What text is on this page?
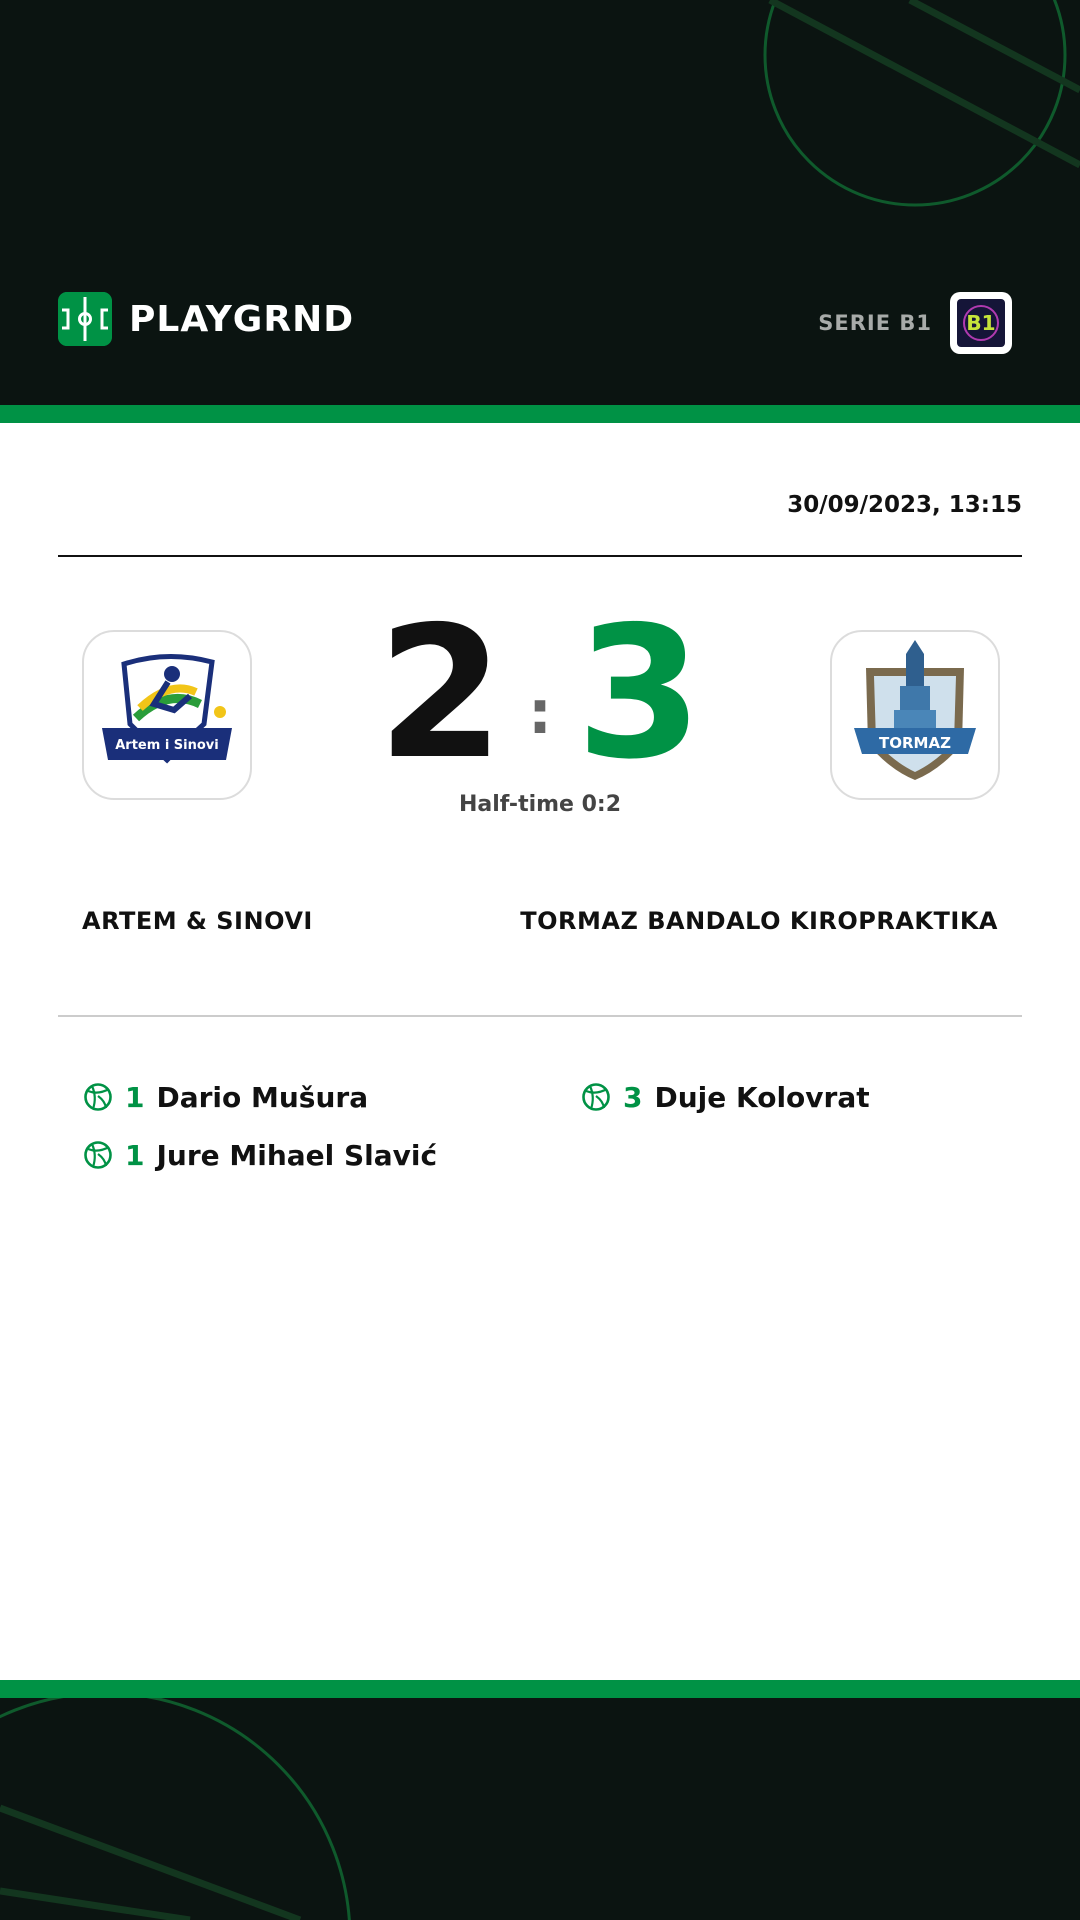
PLAYGRND	SERIE B1 B1
30/09/2023, 13:15
Artem i Sinovi	TORMAZ
2 : 3
Half-time 0:2
ARTEM & SINOVI	TORMAZ BANDALO KIROPRAKTIKA
1 Dario Mušura
1 Jure Mihael Slavić
3 Duje Kolovrat
